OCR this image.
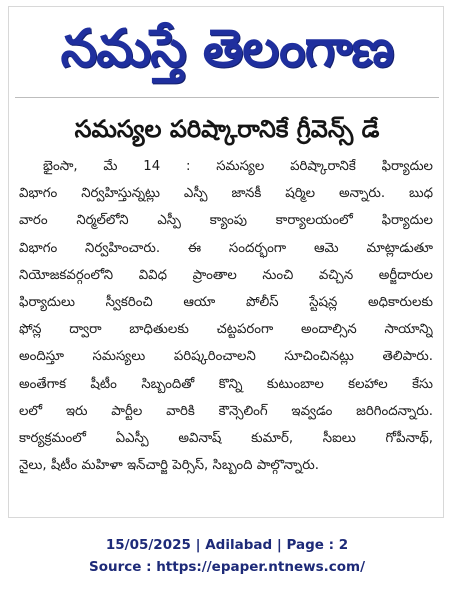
నమస్తే తెలంగాణ
సమస్యల పరిష్కారానికే గ్రీవెన్స్ డే

భైంసా, మే 14 : సమస్యల పరిష్కారానికే ఫిర్యాదుల
విభాగం నిర్వహిస్తున్నట్లు ఎస్పీ జానకీ షర్మిల అన్నారు. బుధ
వారం నిర్మల్‌లోని ఎస్పీ క్యాంపు కార్యాలయంలో ఫిర్యాదుల
విభాగం నిర్వహించారు. ఈ సందర్భంగా ఆమె మాట్లాడుతూ
నియోజకవర్గంలోని వివిధ ప్రాంతాల నుంచి వచ్చిన అర్జీదారుల
ఫిర్యాదులు స్వీకరించి ఆయా పోలీస్ స్టేషన్ల అధికారులకు
ఫోన్ల ద్వారా బాధితులకు చట్టపరంగా అందాల్సిన సాయాన్ని
అందిస్తూ సమస్యలు పరిష్కరించాలని సూచించినట్లు తెలిపారు.
అంతేగాక షీటీం సిబ్బందితో కొన్ని కుటుంబాల కలహాల కేసు
లలో ఇరు పార్టీల వారికి కౌన్సెలింగ్ ఇవ్వడం జరిగిందన్నారు.
కార్యక్రమంలో ఏఎస్పీ అవినాష్ కుమార్, సీఐలు గోపీనాథ్,
నైలు, షీటీం మహిళా ఇన్‌చార్జి పెర్సిస్, సిబ్బంది పాల్గొన్నారు.

15/05/2025 | Adilabad | Page : 2
Source : https://epaper.ntnews.com/
